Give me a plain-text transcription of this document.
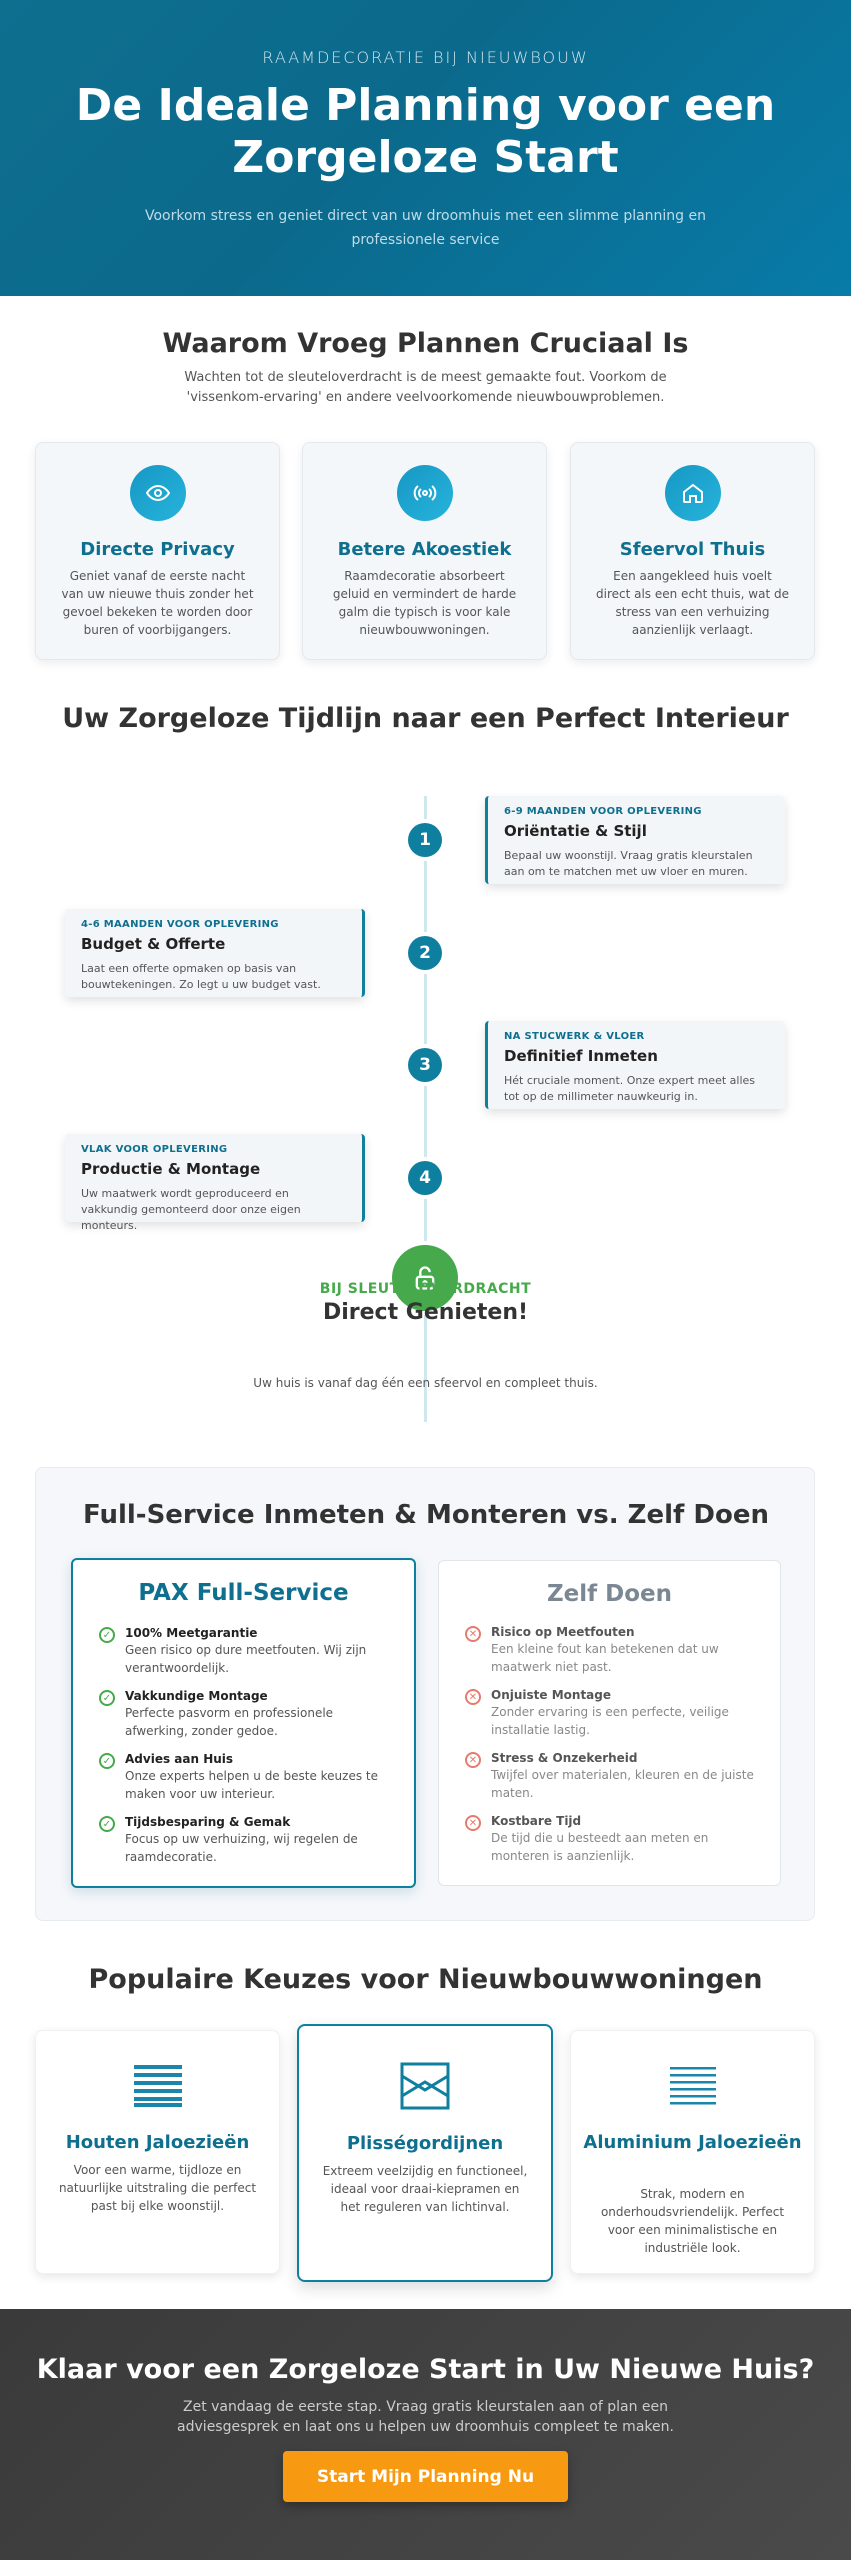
RAAMDECORATIE BIJ NIEUWBOUW
De Ideale Planning voor een Zorgeloze Start

Voorkom stress en geniet direct van uw droomhuis met een slimme planning en professionele service

Waarom Vroeg Plannen Cruciaal Is

Wachten tot de sleuteloverdracht is de meest gemaakte fout. Voorkom de 'vissenkom-ervaring' en andere veelvoorkomende nieuwbouwproblemen.

Directe Privacy
Geniet vanaf de eerste nacht van uw nieuwe thuis zonder het gevoel bekeken te worden door buren of voorbijgangers.
Betere Akoestiek
Raamdecoratie absorbeert geluid en vermindert de harde galm die typisch is voor kale nieuwbouwwoningen.
Sfeervol Thuis
Een aangekleed huis voelt direct als een echt thuis, wat de stress van een verhuizing aanzienlijk verlaagt.
Uw Zorgeloze Tijdlijn naar een Perfect Interieur
1
6-9 MAANDEN VOOR OPLEVERING
Oriëntatie & Stijl
Bepaal uw woonstijl. Vraag gratis kleurstalen aan om te matchen met uw vloer en muren.
2
4-6 MAANDEN VOOR OPLEVERING
Budget & Offerte
Laat een offerte opmaken op basis van bouwtekeningen. Zo legt u uw budget vast.
3
NA STUCWERK & VLOER
Definitief Inmeten
Hét cruciale moment. Onze expert meet alles tot op de millimeter nauwkeurig in.
4
VLAK VOOR OPLEVERING
Productie & Montage
Uw maatwerk wordt geproduceerd en vakkundig gemonteerd door onze eigen monteurs.
BIJ SLEUTELOVERDRACHT
Direct Genieten!
Uw huis is vanaf dag één een sfeervol en compleet thuis.
Full-Service Inmeten & Monteren vs. Zelf Doen
PAX Full-Service
✓	100% Meetgarantie
Geen risico op dure meetfouten. Wij zijn verantwoordelijk.
✓	Vakkundige Montage
Perfecte pasvorm en professionele afwerking, zonder gedoe.
✓	Advies aan Huis
Onze experts helpen u de beste keuzes te maken voor uw interieur.
✓	Tijdsbesparing & Gemak
Focus op uw verhuizing, wij regelen de raamdecoratie.
Zelf Doen
✕	Risico op Meetfouten
Een kleine fout kan betekenen dat uw maatwerk niet past.
✕	Onjuiste Montage
Zonder ervaring is een perfecte, veilige installatie lastig.
✕	Stress & Onzekerheid
Twijfel over materialen, kleuren en de juiste maten.
✕	Kostbare Tijd
De tijd die u besteedt aan meten en monteren is aanzienlijk.
Populaire Keuzes voor Nieuwbouwwoningen
Houten Jaloezieën
Voor een warme, tijdloze en natuurlijke uitstraling die perfect past bij elke woonstijl.
Plisségordijnen
Extreem veelzijdig en functioneel, ideaal voor draai-kiepramen en het reguleren van lichtinval.
Aluminium Jaloezieën
Strak, modern en onderhoudsvriendelijk. Perfect voor een minimalistische en industriële look.
Klaar voor een Zorgeloze Start in Uw Nieuwe Huis?

Zet vandaag de eerste stap. Vraag gratis kleurstalen aan of plan een adviesgesprek en laat ons u helpen uw droomhuis compleet te maken.

Start Mijn Planning Nu
